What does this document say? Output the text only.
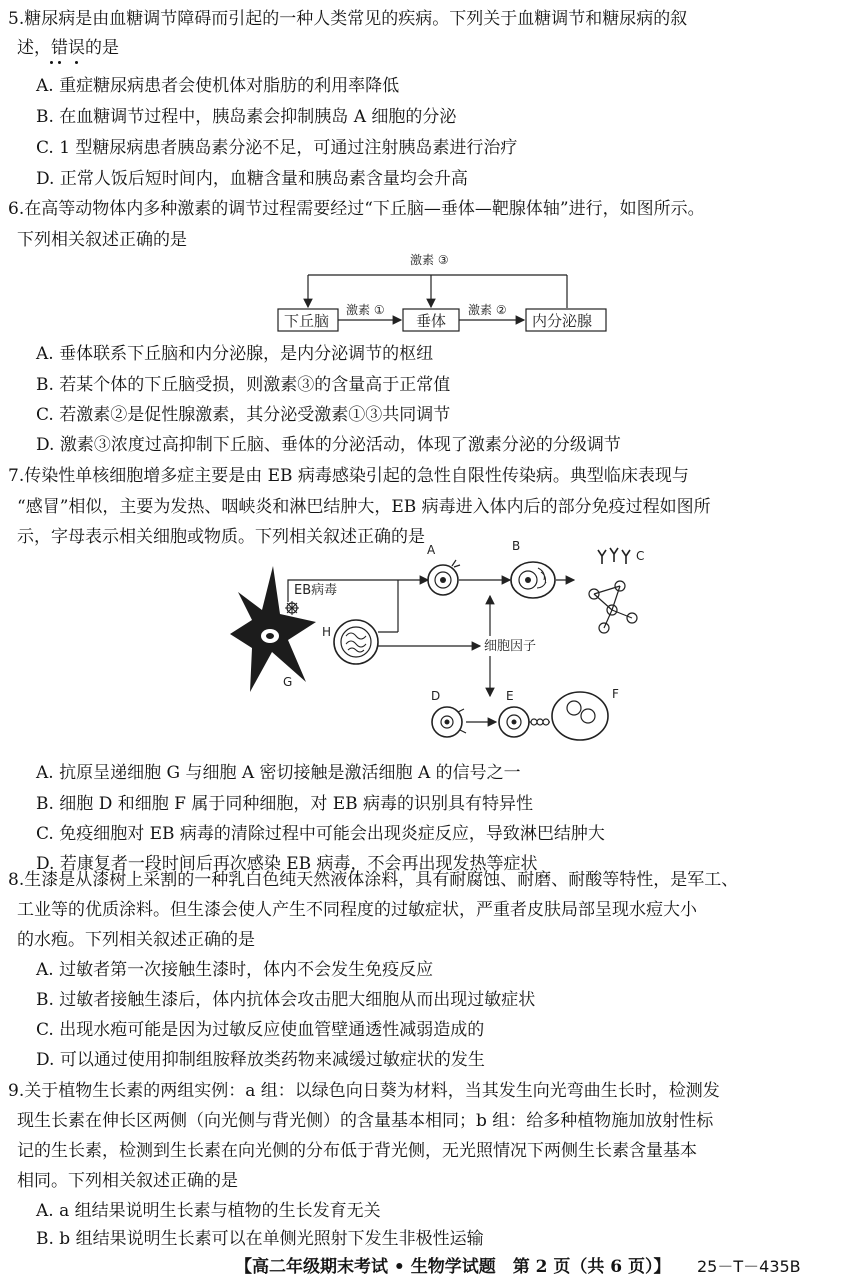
5.糖尿病是由血糖调节障碍而引起的一种人类常见的疾病。下列关于血糖调节和糖尿病的叙
述，错误的是
A. 重症糖尿病患者会使机体对脂肪的利用率降低
B. 在血糖调节过程中，胰岛素会抑制胰岛 A 细胞的分泌
C. 1 型糖尿病患者胰岛素分泌不足，可通过注射胰岛素进行治疗
D. 正常人饭后短时间内，血糖含量和胰岛素含量均会升高
6.在高等动物体内多种激素的调节过程需要经过“下丘脑—垂体—靶腺体轴”进行，如图所示。
下列相关叙述正确的是
激素 ③
下丘脑	垂体	内分泌腺
激素 ①	激素 ②
A. 垂体联系下丘脑和内分泌腺，是内分泌调节的枢纽
B. 若某个体的下丘脑受损，则激素③的含量高于正常值
C. 若激素②是促性腺激素，其分泌受激素①③共同调节
D. 激素③浓度过高抑制下丘脑、垂体的分泌活动，体现了激素分泌的分级调节
7.传染性单核细胞增多症主要是由 EB 病毒感染引起的急性自限性传染病。典型临床表现与
“感冒”相似，主要为发热、咽峡炎和淋巴结肿大，EB 病毒进入体内后的部分免疫过程如图所
示，字母表示相关细胞或物质。下列相关叙述正确的是
G
EB病毒
H
A	B
C
细胞因子
D	E	F
A. 抗原呈递细胞 G 与细胞 A 密切接触是激活细胞 A 的信号之一
B. 细胞 D 和细胞 F 属于同种细胞，对 EB 病毒的识别具有特异性
C. 免疫细胞对 EB 病毒的清除过程中可能会出现炎症反应，导致淋巴结肿大
D. 若康复者一段时间后再次感染 EB 病毒，不会再出现发热等症状
8.生漆是从漆树上采割的一种乳白色纯天然液体涂料，具有耐腐蚀、耐磨、耐酸等特性，是军工、
工业等的优质涂料。但生漆会使人产生不同程度的过敏症状，严重者皮肤局部呈现水痘大小
的水疱。下列相关叙述正确的是
A. 过敏者第一次接触生漆时，体内不会发生免疫反应
B. 过敏者接触生漆后，体内抗体会攻击肥大细胞从而出现过敏症状
C. 出现水疱可能是因为过敏反应使血管壁通透性减弱造成的
D. 可以通过使用抑制组胺释放类药物来减缓过敏症状的发生
9.关于植物生长素的两组实例：a 组：以绿色向日葵为材料，当其发生向光弯曲生长时，检测发
现生长素在伸长区两侧（向光侧与背光侧）的含量基本相同；b 组：给多种植物施加放射性标
记的生长素，检测到生长素在向光侧的分布低于背光侧，无光照情况下两侧生长素含量基本
相同。下列相关叙述正确的是
A. a 组结果说明生长素与植物的生长发育无关
【高二年级期末考试 • 生物学试题　第 2 页（共 6 页）】 25－T－435B
B. b 组结果说明生长素可以在单侧光照射下发生非极性运输
